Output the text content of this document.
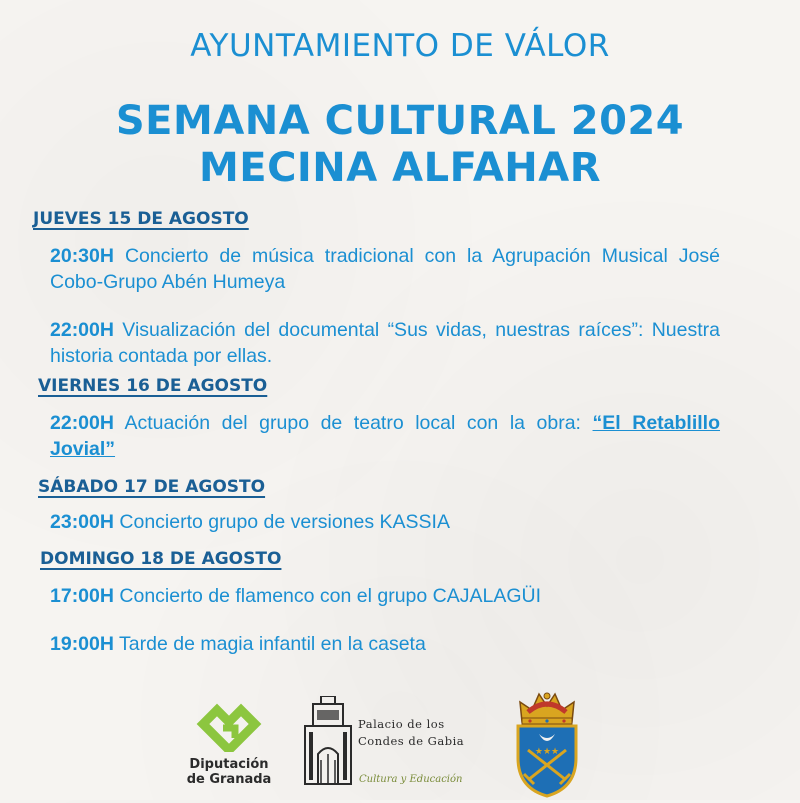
AYUNTAMIENTO DE VÁLOR
SEMANA CULTURAL 2024
MECINA ALFAHAR
JUEVES 15 DE AGOSTO
20:30H Concierto de música tradicional con la Agrupación Musical José Cobo-Grupo Abén Humeya
22:00H Visualización del documental “Sus vidas, nuestras raíces”: Nuestra historia contada por ellas.
VIERNES 16 DE AGOSTO
22:00H Actuación del grupo de teatro local con la obra: “El Retablillo Jovial”
SÁBADO 17 DE AGOSTO
23:00H Concierto grupo de versiones KASSIA
DOMINGO 18 DE AGOSTO
17:00H Concierto de flamenco con el grupo CAJALAGÜI
19:00H Tarde de magia infantil en la caseta
Diputación
de Granada
Palacio de los
Condes de Gabia
Cultura y Educación
★★★
